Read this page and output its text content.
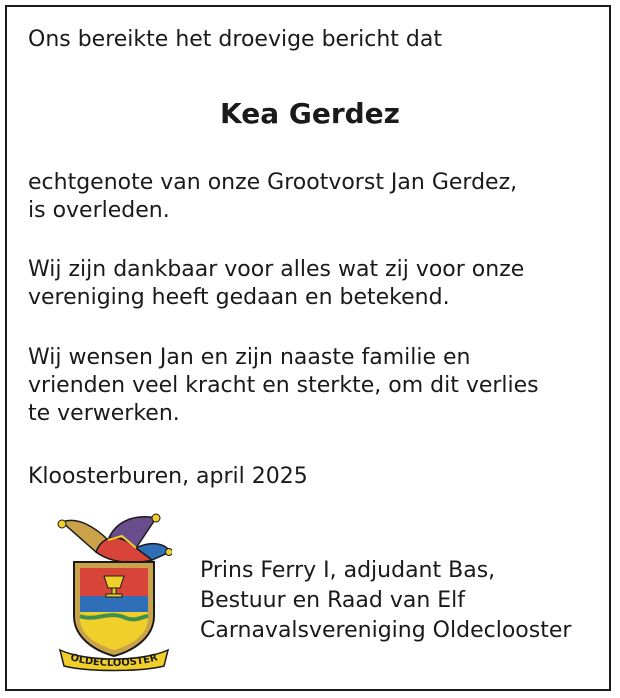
Ons bereikte het droevige bericht dat

Kea Gerdez

echtgenote van onze Grootvorst Jan Gerdez,

is overleden.

Wij zijn dankbaar voor alles wat zij voor onze

vereniging heeft gedaan en betekend.

Wij wensen Jan en zijn naaste familie en

vrienden veel kracht en sterkte, om dit verlies

te verwerken.

Kloosterburen, april 2025

OLDECLOOSTER

Prins Ferry I, adjudant Bas,

Bestuur en Raad van Elf

Carnavalsvereniging Oldeclooster
